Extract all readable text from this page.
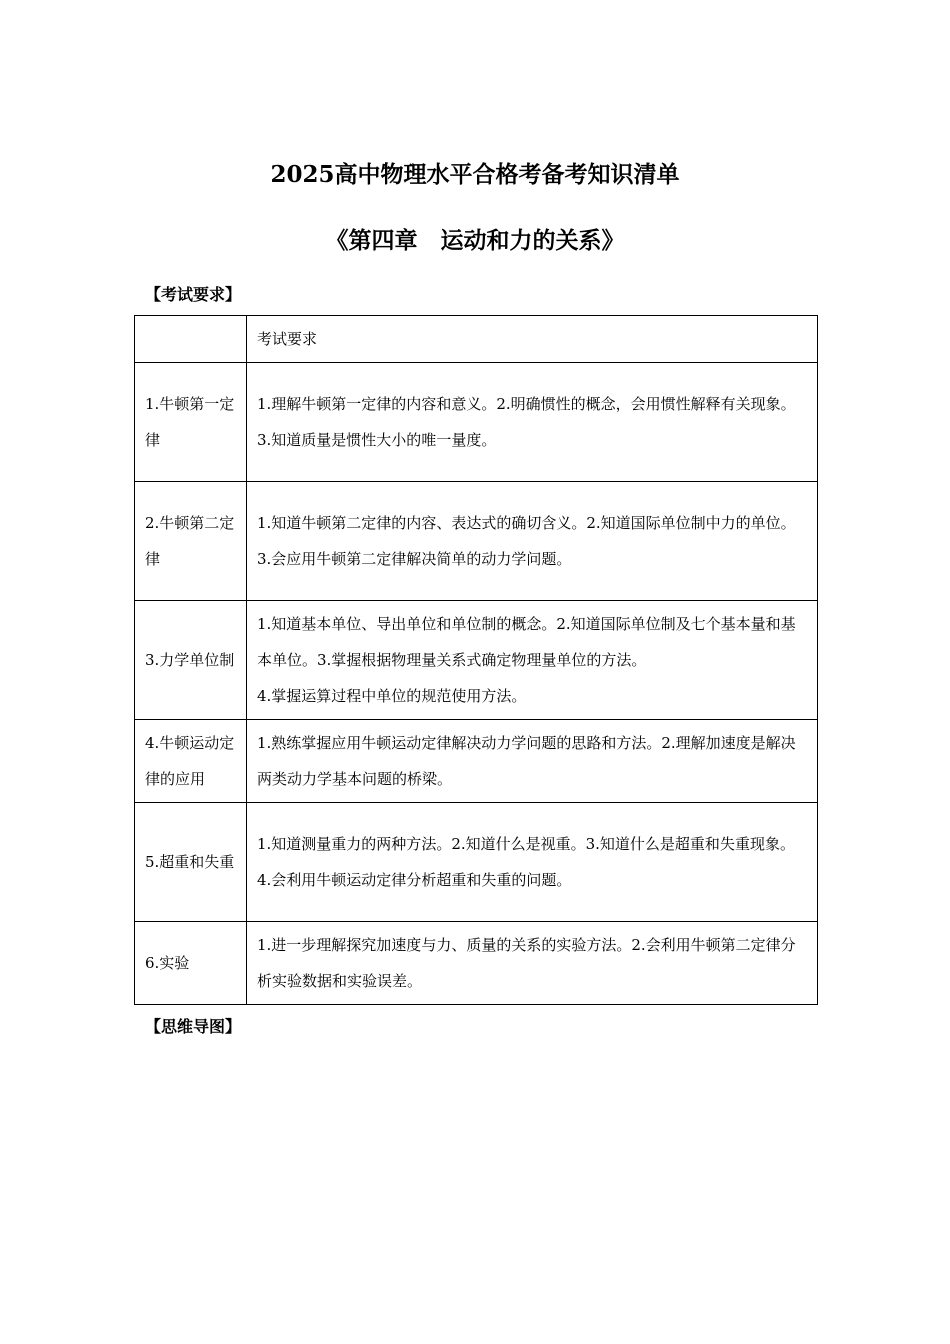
2025高中物理水平合格考备考知识清单
《第四章　运动和力的关系》

【考试要求】

	考试要求
1.牛顿第一定律	1.理解牛顿第一定律的内容和意义。2.明确惯性的概念，会用惯性解释有关现象。
3.知道质量是惯性大小的唯一量度。

2.牛顿第二定律	1.知道牛顿第二定律的内容、表达式的确切含义。2.知道国际单位制中力的单位。
3.会应用牛顿第二定律解决简单的动力学问题。

3.力学单位制	1.知道基本单位、导出单位和单位制的概念。2.知道国际单位制及七个基本量和基本单位。3.掌握根据物理量关系式确定物理量单位的方法。
4.掌握运算过程中单位的规范使用方法。

4.牛顿运动定律的应用	1.熟练掌握应用牛顿运动定律解决动力学问题的思路和方法。2.理解加速度是解决两类动力学基本问题的桥梁。

5.超重和失重	1.知道测量重力的两种方法。2.知道什么是视重。3.知道什么是超重和失重现象。
4.会利用牛顿运动定律分析超重和失重的问题。

6.实验	1.进一步理解探究加速度与力、质量的关系的实验方法。2.会利用牛顿第二定律分析实验数据和实验误差。

【思维导图】
